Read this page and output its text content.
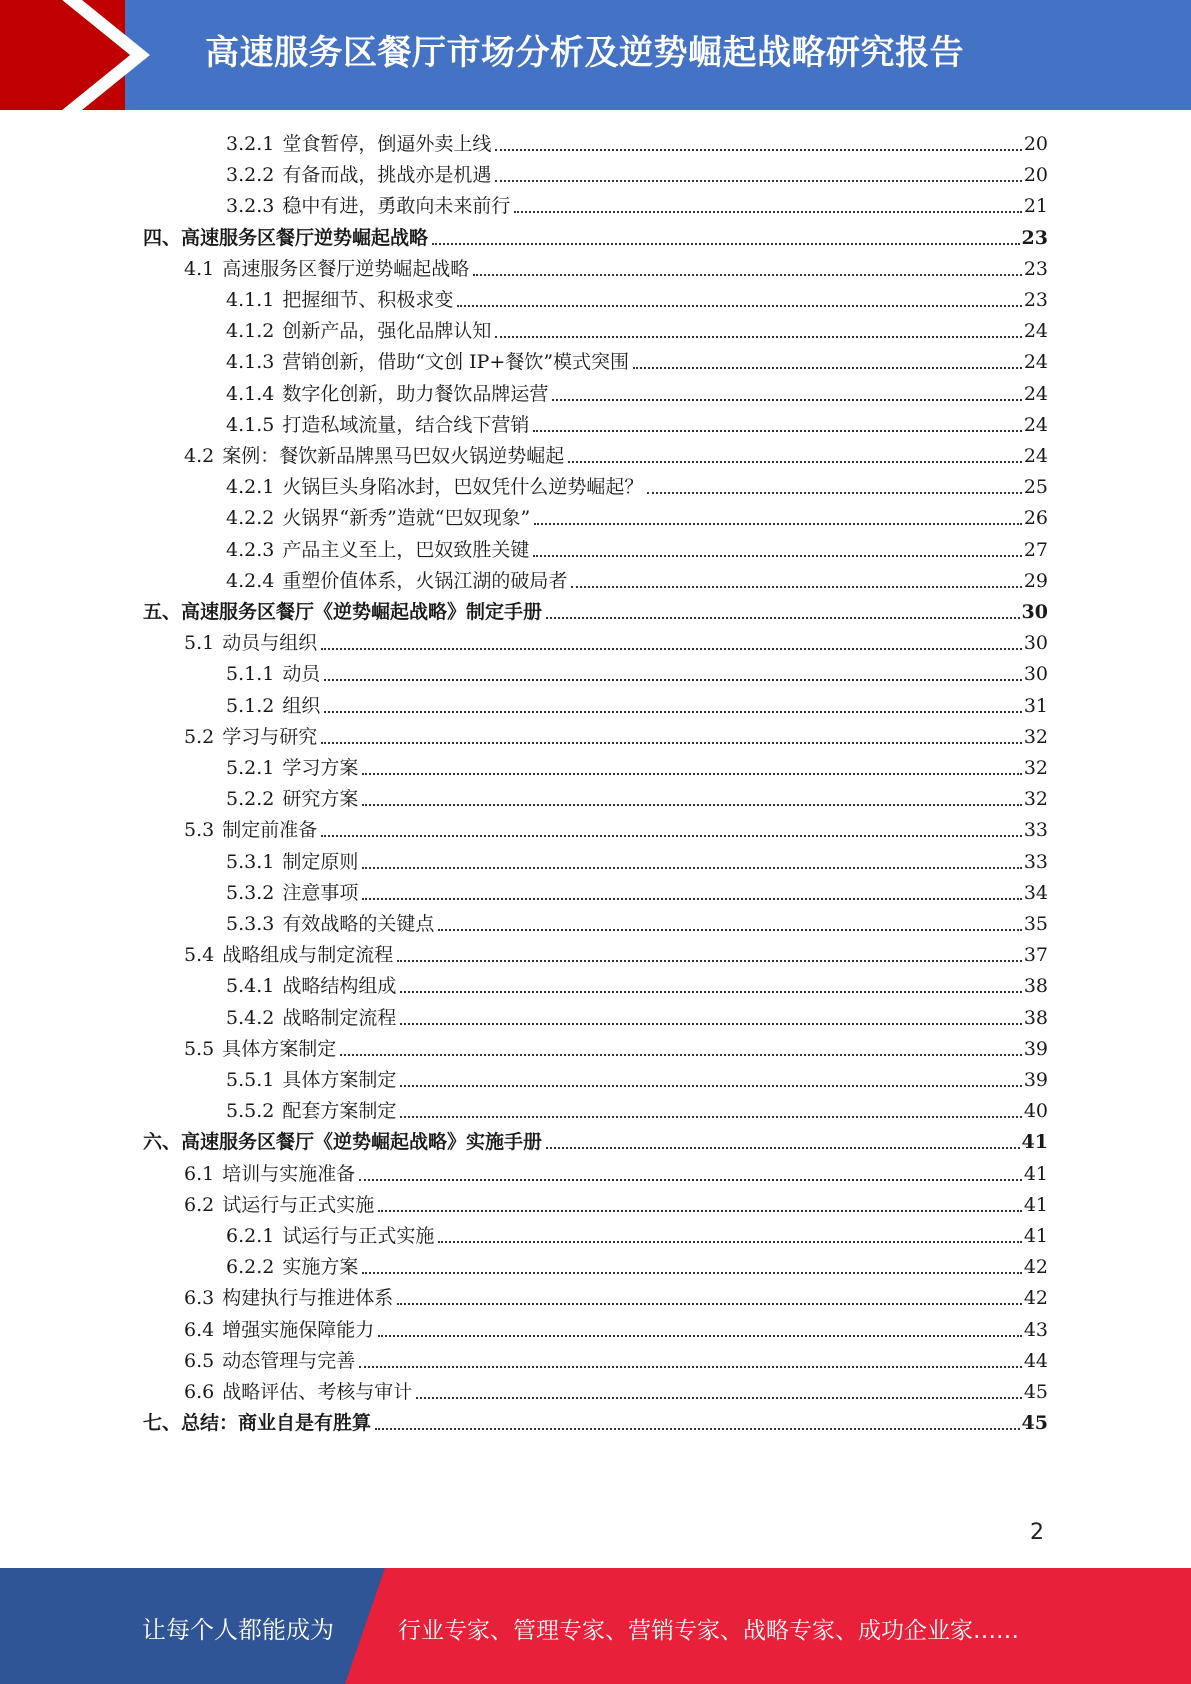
高速服务区餐厅市场分析及逆势崛起战略研究报告
3.2.1 堂食暂停，倒逼外卖上线	20
3.2.2 有备而战，挑战亦是机遇	20
3.2.3 稳中有进，勇敢向未来前行	21
四、高速服务区餐厅逆势崛起战略	23
4.1 高速服务区餐厅逆势崛起战略	23
4.1.1 把握细节、积极求变	23
4.1.2 创新产品，强化品牌认知	24
4.1.3 营销创新，借助“文创 IP+餐饮”模式突围	24
4.1.4 数字化创新，助力餐饮品牌运营	24
4.1.5 打造私域流量，结合线下营销	24
4.2 案例：餐饮新品牌黑马巴奴火锅逆势崛起	24
4.2.1 火锅巨头身陷冰封，巴奴凭什么逆势崛起？	25
4.2.2 火锅界“新秀”造就“巴奴现象”	26
4.2.3 产品主义至上，巴奴致胜关键	27
4.2.4 重塑价值体系，火锅江湖的破局者	29
五、高速服务区餐厅《逆势崛起战略》制定手册	30
5.1 动员与组织	30
5.1.1 动员	30
5.1.2 组织	31
5.2 学习与研究	32
5.2.1 学习方案	32
5.2.2 研究方案	32
5.3 制定前准备	33
5.3.1 制定原则	33
5.3.2 注意事项	34
5.3.3 有效战略的关键点	35
5.4 战略组成与制定流程	37
5.4.1 战略结构组成	38
5.4.2 战略制定流程	38
5.5 具体方案制定	39
5.5.1 具体方案制定	39
5.5.2 配套方案制定	40
六、高速服务区餐厅《逆势崛起战略》实施手册	41
6.1 培训与实施准备	41
6.2 试运行与正式实施	41
6.2.1 试运行与正式实施	41
6.2.2 实施方案	42
6.3 构建执行与推进体系	42
6.4 增强实施保障能力	43
6.5 动态管理与完善	44
6.6 战略评估、考核与审计	45
七、总结：商业自是有胜算	45
2
让每个人都能成为	行业专家、管理专家、营销专家、战略专家、成功企业家……
